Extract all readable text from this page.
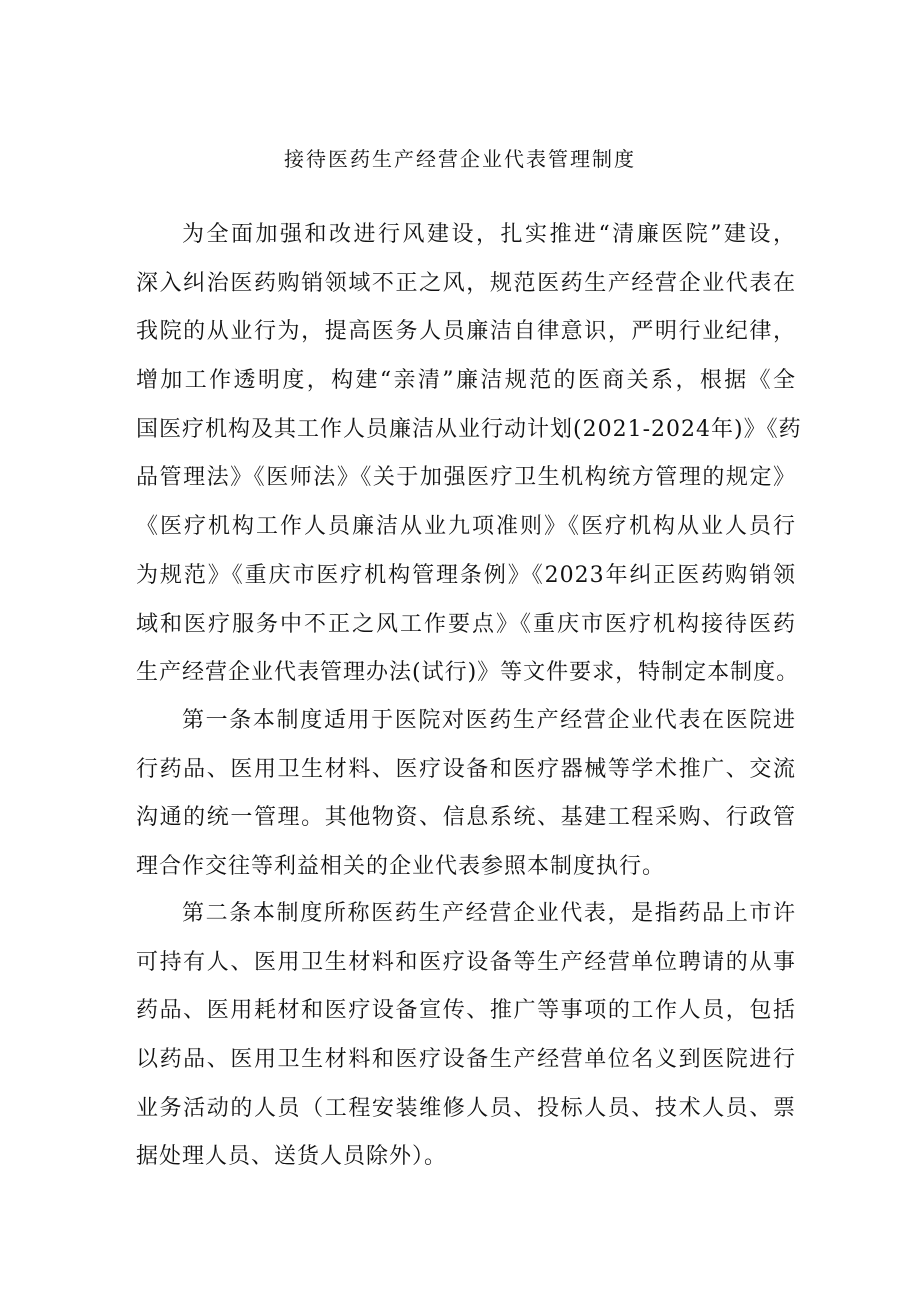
接待医药生产经营企业代表管理制度
为全面加强和改进行风建设，扎实推进“清廉医院”建设，
深入纠治医药购销领域不正之风，规范医药生产经营企业代表在
我院的从业行为，提高医务人员廉洁自律意识，严明行业纪律，
增加工作透明度，构建“亲清”廉洁规范的医商关系，根据《全
国医疗机构及其工作人员廉洁从业行动计划(2021-2024年)》《药
品管理法》《医师法》《关于加强医疗卫生机构统方管理的规定》
《医疗机构工作人员廉洁从业九项准则》《医疗机构从业人员行
为规范》《重庆市医疗机构管理条例》《2023年纠正医药购销领
域和医疗服务中不正之风工作要点》《重庆市医疗机构接待医药
生产经营企业代表管理办法(试行)》等文件要求，特制定本制度。
第一条本制度适用于医院对医药生产经营企业代表在医院进
行药品、医用卫生材料、医疗设备和医疗器械等学术推广、交流
沟通的统一管理。其他物资、信息系统、基建工程采购、行政管
理合作交往等利益相关的企业代表参照本制度执行。
第二条本制度所称医药生产经营企业代表，是指药品上市许
可持有人、医用卫生材料和医疗设备等生产经营单位聘请的从事
药品、医用耗材和医疗设备宣传、推广等事项的工作人员，包括
以药品、医用卫生材料和医疗设备生产经营单位名义到医院进行
业务活动的人员（工程安装维修人员、投标人员、技术人员、票
据处理人员、送货人员除外）。
